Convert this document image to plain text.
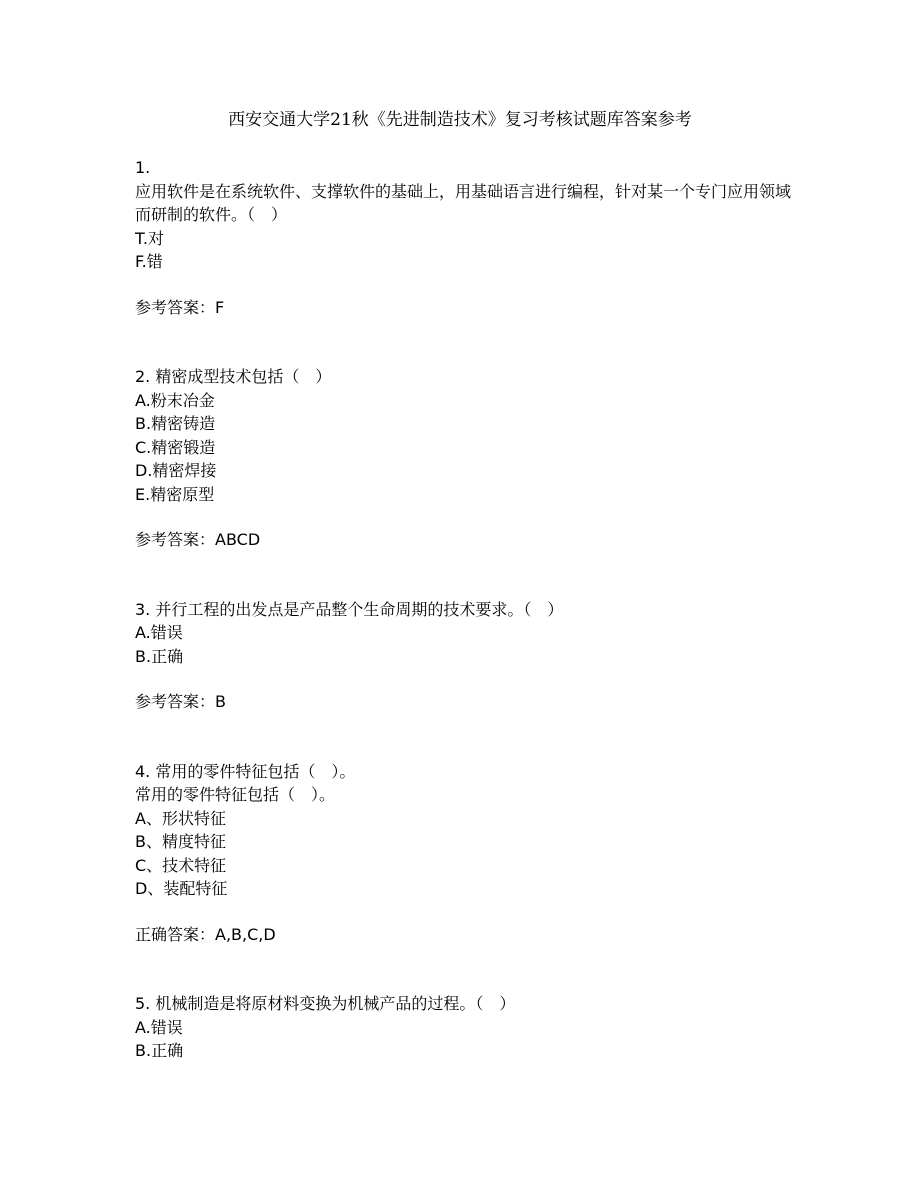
西安交通大学21秋《先进制造技术》复习考核试题库答案参考
1.
应用软件是在系统软件、支撑软件的基础上，用基础语言进行编程，针对某一个专门应用领域而研制的软件。（　）
T.对
F.错
参考答案：F
2. 精密成型技术包括（　）
A.粉末冶金
B.精密铸造
C.精密锻造
D.精密焊接
E.精密原型
参考答案：ABCD
3. 并行工程的出发点是产品整个生命周期的技术要求。（　）
A.错误
B.正确
参考答案：B
4. 常用的零件特征包括（　）。
常用的零件特征包括（　）。
A、形状特征
B、精度特征
C、技术特征
D、装配特征
正确答案：A,B,C,D
5. 机械制造是将原材料变换为机械产品的过程。（　）
A.错误
B.正确
